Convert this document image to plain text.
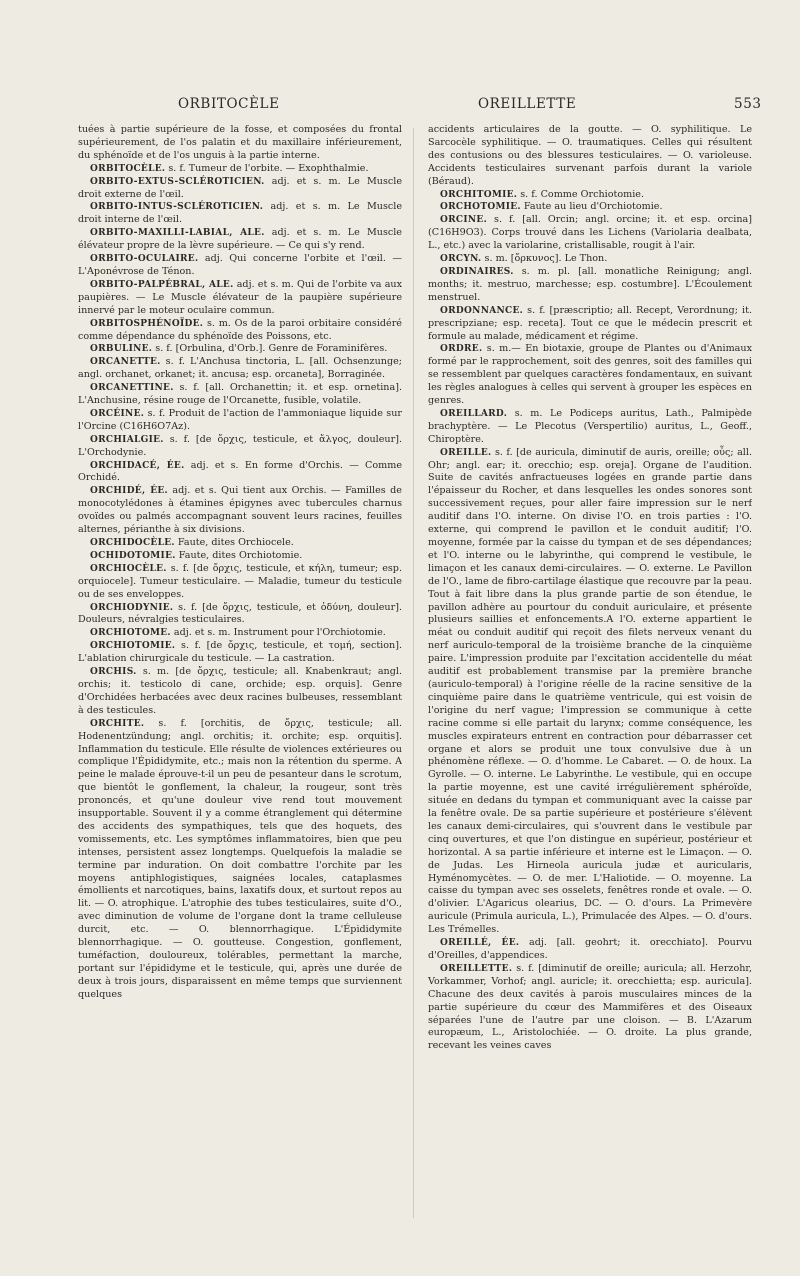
ORBITOCÈLE	OREILLETTE	553

tuées à partie supérieure de la fosse, et composées du frontal supérieurement, de l'os palatin et du maxillaire inférieurement, du sphénoïde et de l'os unguis à la partie interne.

ORBITOCÈLE. s. f. Tumeur de l'orbite. — Exophthalmie.

ORBITO-EXTUS-SCLÉROTICIEN. adj. et s. m. Le Muscle droit externe de l'œil.

ORBITO-INTUS-SCLÉROTICIEN. adj. et s. m. Le Muscle droit interne de l'œil.

ORBITO-MAXILLI-LABIAL, ALE. adj. et s. m. Le Muscle élévateur propre de la lèvre supérieure. — Ce qui s'y rend.

ORBITO-OCULAIRE. adj. Qui concerne l'orbite et l'œil. — L'Aponévrose de Ténon.

ORBITO-PALPÉBRAL, ALE. adj. et s. m. Qui de l'orbite va aux paupières. — Le Muscle élévateur de la paupière supérieure innervé par le moteur oculaire commun.

ORBITOSPHÉNOÏDE. s. m. Os de la paroi orbitaire considéré comme dépendance du sphénoïde des Poissons, etc.

ORBULINE. s. f. [Orbulina, d'Orb.]. Genre de Foraminifères.

ORCANETTE. s. f. L'Anchusa tinctoria, L. [all. Ochsenzunge; angl. orchanet, orkanet; it. ancusa; esp. orcaneta], Borraginée.

ORCANETTINE. s. f. [all. Orchanettin; it. et esp. ornetina]. L'Anchusine, résine rouge de l'Orcanette, fusible, volatile.

ORCÉINE. s. f. Produit de l'action de l'ammoniaque liquide sur l'Orcine (C16H6O7Az).

ORCHIALGIE. s. f. [de ὄρχις, testicule, et ἄλγος, douleur]. L'Orchodynie.

ORCHIDACÉ, ÉE. adj. et s. En forme d'Orchis. — Comme Orchidé.

ORCHIDÉ, ÉE. adj. et s. Qui tient aux Orchis. — Familles de monocotylédones à étamines épigynes avec tubercules charnus ovoïdes ou palmés accompagnant souvent leurs racines, feuilles alternes, périanthe à six divisions.

ORCHIDOCÈLE. Faute, dites Orchiocele.

OCHIDOTOMIE. Faute, dites Orchiotomie.

ORCHIOCÈLE. s. f. [de ὄρχις, testicule, et κήλη, tumeur; esp. orquiocele]. Tumeur testiculaire. — Maladie, tumeur du testicule ou de ses enveloppes.

ORCHIODYNIE. s. f. [de ὄρχις, testicule, et ὀδύνη, douleur]. Douleurs, névralgies testiculaires.

ORCHIOTOME. adj. et s. m. Instrument pour l'Orchiotomie.

ORCHIOTOMIE. s. f. [de ὄρχις, testicule, et τομή, section]. L'ablation chirurgicale du testicule. — La castration.

ORCHIS. s. m. [de ὄρχις, testicule; all. Knabenkraut; angl. orchis; it. testicolo di cane, orchide; esp. orquis]. Genre d'Orchidées herbacées avec deux racines bulbeuses, ressemblant à des testicules.

ORCHITE. s. f. [orchitis, de ὄρχις, testicule; all. Hodenentzündung; angl. orchitis; it. orchite; esp. orquitis]. Inflammation du testicule. Elle résulte de violences extérieures ou complique l'Épididymite, etc.; mais non la rétention du sperme. A peine le malade éprouve-t-il un peu de pesanteur dans le scrotum, que bientôt le gonflement, la chaleur, la rougeur, sont très prononcés, et qu'une douleur vive rend tout mouvement insupportable. Souvent il y a comme étranglement qui détermine des accidents des sympathiques, tels que des hoquets, des vomissements, etc. Les symptômes inflammatoires, bien que peu intenses, persistent assez longtemps. Quelquefois la maladie se termine par induration. On doit combattre l'orchite par les moyens antiphlogistiques, saignées locales, cataplasmes émollients et narcotiques, bains, laxatifs doux, et surtout repos au lit. — O. atrophique. L'atrophie des tubes testiculaires, suite d'O., avec diminution de volume de l'organe dont la trame celluleuse durcit, etc. — O. blennorrhagique. L'Épididymite blennorrhagique. — O. goutteuse. Congestion, gonflement, tuméfaction, douloureux, tolérables, permettant la marche, portant sur l'épididyme et le testicule, qui, après une durée de deux à trois jours, disparaissent en même temps que surviennent quelques

accidents articulaires de la goutte. — O. syphilitique. Le Sarcocèle syphilitique. — O. traumatiques. Celles qui résultent des contusions ou des blessures testiculaires. — O. varioleuse. Accidents testiculaires survenant parfois durant la variole (Béraud).

ORCHITOMIE. s. f. Comme Orchiotomie.

ORCHOTOMIE. Faute au lieu d'Orchiotomie.

ORCINE. s. f. [all. Orcin; angl. orcine; it. et esp. orcina] (C16H9O3). Corps trouvé dans les Lichens (Variolaria dealbata, L., etc.) avec la variolarine, cristallisable, rougit à l'air.

ORCYN. s. m. [ὄρκυνος]. Le Thon.

ORDINAIRES. s. m. pl. [all. monatliche Reinigung; angl. months; it. mestruo, marchesse; esp. costumbre]. L'Écoulement menstruel.

ORDONNANCE. s. f. [præscriptio; all. Recept, Verordnung; it. prescripziane; esp. receta]. Tout ce que le médecin prescrit et formule au malade, médicament et régime.

ORDRE. s. m.— En biotaxie, groupe de Plantes ou d'Animaux formé par le rapprochement, soit des genres, soit des familles qui se ressemblent par quelques caractères fondamentaux, en suivant les règles analogues à celles qui servent à grouper les espèces en genres.

OREILLARD. s. m. Le Podiceps auritus, Lath., Palmipède brachyptère. — Le Plecotus (Verspertilio) auritus, L., Geoff., Chiroptère.

OREILLE. s. f. [de auricula, diminutif de auris, oreille; οὖς; all. Ohr; angl. ear; it. orecchio; esp. oreja]. Organe de l'audition. Suite de cavités anfractueuses logées en grande partie dans l'épaisseur du Rocher, et dans lesquelles les ondes sonores sont successivement reçues, pour aller faire impression sur le nerf auditif dans l'O. interne. On divise l'O. en trois parties : l'O. externe, qui comprend le pavillon et le conduit auditif; l'O. moyenne, formée par la caisse du tympan et de ses dépendances; et l'O. interne ou le labyrinthe, qui comprend le vestibule, le limaçon et les canaux demi-circulaires. — O. externe. Le Pavillon de l'O., lame de fibro-cartilage élastique que recouvre par la peau. Tout à fait libre dans la plus grande partie de son étendue, le pavillon adhère au pourtour du conduit auriculaire, et présente plusieurs saillies et enfoncements.A l'O. externe appartient le méat ou conduit auditif qui reçoit des filets nerveux venant du nerf auriculo-temporal de la troisième branche de la cinquième paire. L'impression produite par l'excitation accidentelle du méat auditif est probablement transmise par la première branche (auriculo-temporal) à l'origine réelle de la racine sensitive de la cinquième paire dans le quatrième ventricule, qui est voisin de l'origine du nerf vague; l'impression se communique à cette racine comme si elle partait du larynx; comme conséquence, les muscles expirateurs entrent en contraction pour débarrasser cet organe et alors se produit une toux convulsive due à un phénomène réflexe. — O. d'homme. Le Cabaret. — O. de houx. La Gyrolle. — O. interne. Le Labyrinthe. Le vestibule, qui en occupe la partie moyenne, est une cavité irrégulièrement sphéroïde, située en dedans du tympan et communiquant avec la caisse par la fenêtre ovale. De sa partie supérieure et postérieure s'élèvent les canaux demi-circulaires, qui s'ouvrent dans le vestibule par cinq ouvertures, et que l'on distingue en supérieur, postérieur et horizontal. A sa partie inférieure et interne est le Limaçon. — O. de Judas. Les Hirneola auricula judæ et auricularis, Hyménomycètes. — O. de mer. L'Haliotide. — O. moyenne. La caisse du tympan avec ses osselets, fenêtres ronde et ovale. — O. d'olivier. L'Agaricus olearius, DC. — O. d'ours. La Primevère auricule (Primula auricula, L.), Primulacée des Alpes. — O. d'ours. Les Trémelles.

OREILLÉ, ÉE. adj. [all. geohrt; it. orecchiato]. Pourvu d'Oreilles, d'appendices.

OREILLETTE. s. f. [diminutif de oreille; auricula; all. Herzohr, Vorkammer, Vorhof; angl. auricle; it. orecchietta; esp. auricula]. Chacune des deux cavités à parois musculaires minces de la partie supérieure du cœur des Mammifères et des Oiseaux séparées l'une de l'autre par une cloison. — B. L'Azarum europæum, L., Aristolochiée. — O. droite. La plus grande, recevant les veines caves
